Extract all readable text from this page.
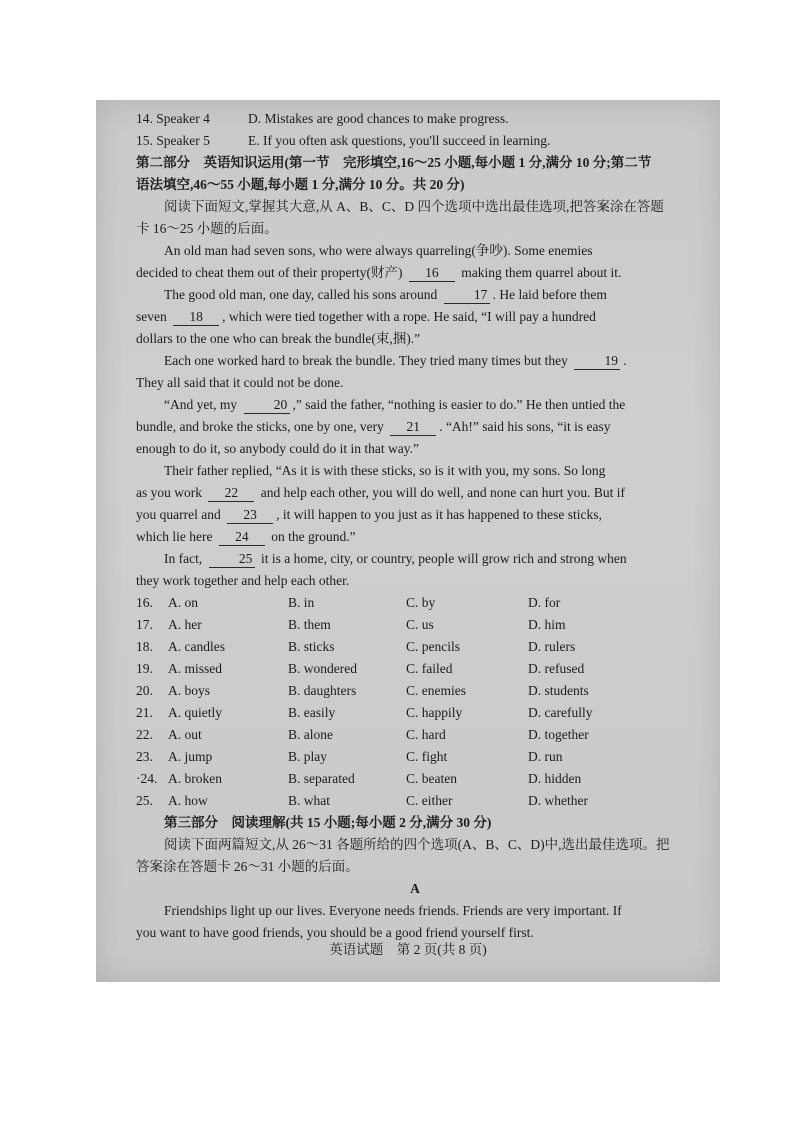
14. Speaker 4	D. Mistakes are good chances to make progress.
15. Speaker 5	E. If you often ask questions, you'll succeed in learning.
第二部分　英语知识运用(第一节　完形填空,16～25 小题,每小题 1 分,满分 10 分;第二节
语法填空,46～55 小题,每小题 1 分,满分 10 分。共 20 分)
阅读下面短文,掌握其大意,从 A、B、C、D 四个选项中选出最佳选项,把答案涂在答题
卡 16～25 小题的后面。
An old man had seven sons, who were always quarreling(争吵). Some enemies
decided to cheat them out of their property(财产) 16 making them quarrel about it.
The good old man, one day, called his sons around	17 . He laid before them
seven 18 , which were tied together with a rope. He said, “I will pay a hundred
dollars to the one who can break the bundle(束,捆).”
Each one worked hard to break the bundle. They tried many times but they	19 .
They all said that it could not be done.
“And yet, my	20 ,” said the father, “nothing is easier to do.” He then untied the
bundle, and broke the sticks, one by one, very 21 . “Ah!” said his sons, “it is easy
enough to do it, so anybody could do it in that way.”
Their father replied, “As it is with these sticks, so is it with you, my sons. So long
as you work 22 and help each other, you will do well, and none can hurt you. But if
you quarrel and 23 , it will happen to you just as it has happened to these sticks,
which lie here 24 on the ground.”
In fact,	25 it is a home, city, or country, people will grow rich and strong when
they work together and help each other.
16.	A. on	B. in	C. by	D. for
17.	A. her	B. them	C. us	D. him
18.	A. candles	B. sticks	C. pencils	D. rulers
19.	A. missed	B. wondered	C. failed	D. refused
20.	A. boys	B. daughters	C. enemies	D. students
21.	A. quietly	B. easily	C. happily	D. carefully
22.	A. out	B. alone	C. hard	D. together
23.	A. jump	B. play	C. fight	D. run
·24. A. broken	B. separated	C. beaten	D. hidden
25.	A. how	B. what	C. either	D. whether
第三部分　阅读理解(共 15 小题;每小题 2 分,满分 30 分)
阅读下面两篇短文,从 26～31 各题所给的四个选项(A、B、C、D)中,选出最佳选项。把
答案涂在答题卡 26～31 小题的后面。
A
Friendships light up our lives. Everyone needs friends. Friends are very important. If
you want to have good friends, you should be a good friend yourself first.
英语试题　第 2 页(共 8 页)
